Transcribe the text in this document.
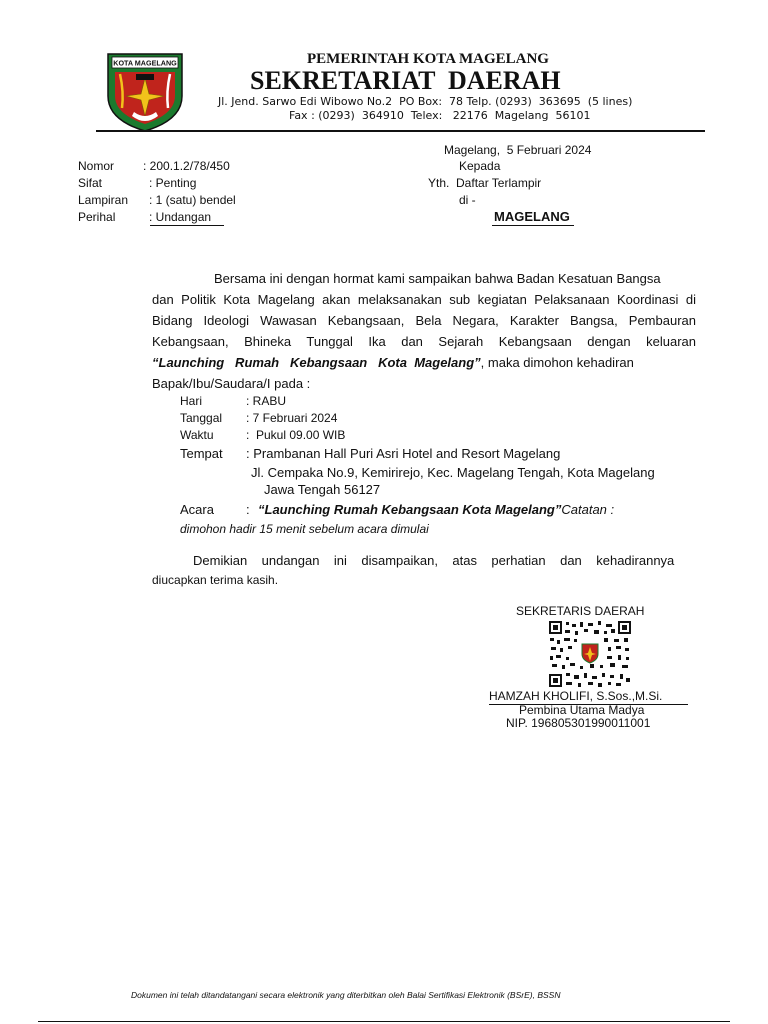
KOTA MAGELANG	PEMERINTAH KOTA MAGELANG
SEKRETARIAT  DAERAH
Jl. Jend. Sarwo Edi Wibowo No.2  PO Box:  78 Telp. (0293)  363695  (5 lines)
Fax : (0293)  364910  Telex:   22176  Magelang  56101
Nomor : 200.1.2/78/450
Sifat	: Penting
Lampiran : 1 (satu) bendel
Perihal	: Undangan
Magelang,  5 Februari 2024
Kepada
Yth.  Daftar Terlampir
di -
MAGELANG
Bersama ini dengan hormat kami sampaikan bahwa Badan Kesatuan Bangsa
dan Politik Kota Magelang akan melaksanakan sub kegiatan Pelaksanaan Koordinasi di
Bidang Ideologi Wawasan Kebangsaan, Bela Negara, Karakter Bangsa, Pembauran
Kebangsaan, Bhineka Tunggal Ika dan Sejarah Kebangsaan dengan keluaran
“Launching   Rumah   Kebangsaan   Kota  Magelang”, maka dimohon kehadiran
Bapak/Ibu/Saudara/I pada :
Hari	: RABU
Tanggal : 7 Februari 2024
Waktu	:  Pukul 09.00 WIB
Tempat : Prambanan Hall Puri Asri Hotel and Resort Magelang
Jl. Cempaka No.9, Kemirirejo, Kec. Magelang Tengah, Kota Magelang
Jawa Tengah 56127
Acara : “Launching Rumah Kebangsaan Kota Magelang”Catatan :
dimohon hadir 15 menit sebelum acara dimulai
Demikian    undangan    ini    disampaikan,    atas    perhatian    dan    kehadirannya
diucapkan terima kasih.
SEKRETARIS DAERAH
HAMZAH KHOLIFI, S.Sos.,M.Si.
Pembina Utama Madya
NIP. 196805301990011001
Dokumen ini telah ditandatangani secara elektronik yang diterbitkan oleh Balai Sertifikasi Elektronik (BSrE), BSSN
